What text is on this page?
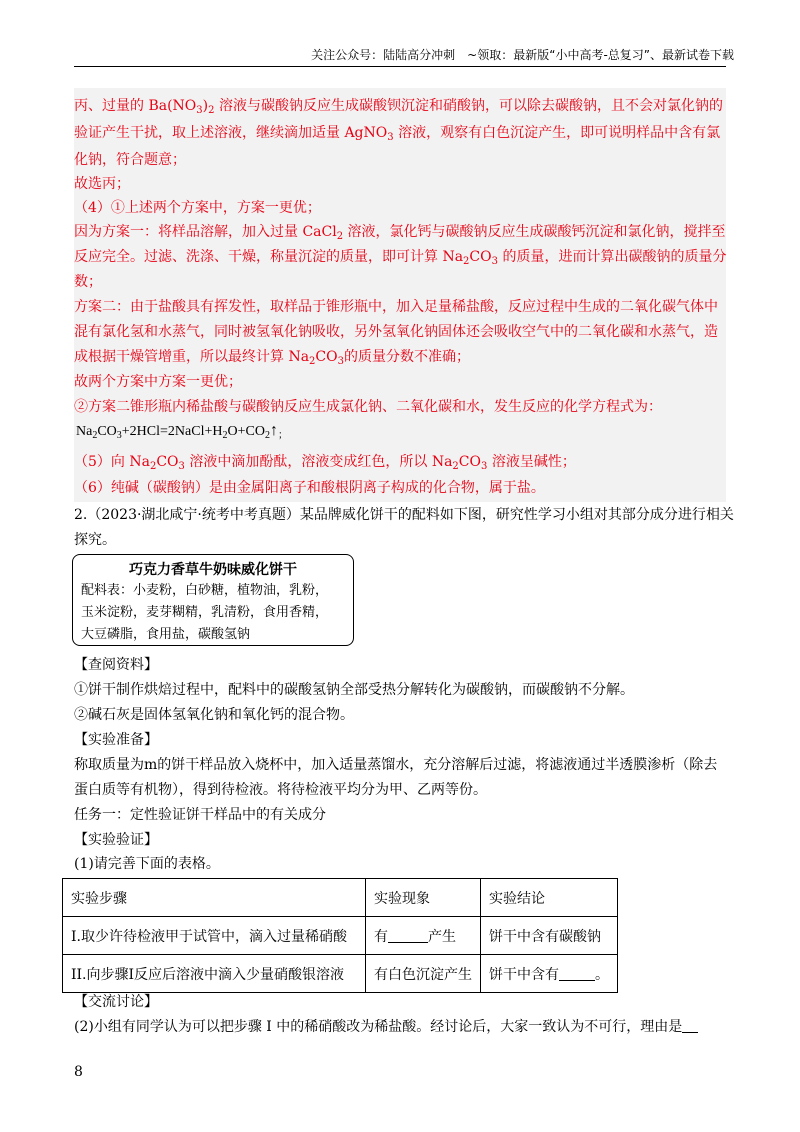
关注公众号：陆陆高分冲刺　~领取：最新版“小中高考-总复习”、最新试卷下载
丙、过量的 $Ba(NO_3)_2$ 溶液与碳酸钠反应生成碳酸钡沉淀和硝酸钠，可以除去碳酸钠，且不会对氯化钠的
验证产生干扰，取上述溶液，继续滴加适量 AgNO$_3$ 溶液，观察有白色沉淀产生，即可说明样品中含有氯
化钠，符合题意；
故选丙；
（4）①上述两个方案中，方案一更优；
因为方案一：将样品溶解，加入过量 CaCl$_2$ 溶液，氯化钙与碳酸钠反应生成碳酸钙沉淀和氯化钠，搅拌至
反应完全。过滤、洗涤、干燥，称量沉淀的质量，即可计算 $Na_2CO_3$ 的质量，进而计算出碳酸钠的质量分
数；
方案二：由于盐酸具有挥发性，取样品于锥形瓶中，加入足量稀盐酸，反应过程中生成的二氧化碳气体中
混有氯化氢和水蒸气，同时被氢氧化钠吸收，另外氢氧化钠固体还会吸收空气中的二氧化碳和水蒸气，造
成根据干燥管增重，所以最终计算 $Na_2CO_3$的质量分数不准确；
故两个方案中方案一更优；
②方案二锥形瓶内稀盐酸与碳酸钠反应生成氯化钠、二氧化碳和水，发生反应的化学方程式为：
$Na_2CO_3+2HCl=2NaCl+H_2O+CO_2↑_;$
（5）向 $Na_2CO_3$ 溶液中滴加酚酞，溶液变成红色，所以 $Na_2CO_3$ 溶液呈碱性；
（6）纯碱（碳酸钠）是由金属阳离子和酸根阴离子构成的化合物，属于盐。
2.（2023·湖北咸宁·统考中考真题）某品牌威化饼干的配料如下图，研究性学习小组对其部分成分进行相关
探究。
巧克力香草牛奶味威化饼干
配料表：小麦粉，白砂糖，植物油，乳粉，
玉米淀粉，麦芽糊精，乳清粉，食用香精，
大豆磷脂，食用盐，碳酸氢钠
【查阅资料】
①饼干制作烘焙过程中，配料中的碳酸氢钠全部受热分解转化为碳酸钠，而碳酸钠不分解。
②碱石灰是固体氢氧化钠和氧化钙的混合物。
【实验准备】
称取质量为m的饼干样品放入烧杯中，加入适量蒸馏水，充分溶解后过滤，将滤液通过半透膜渗析（除去
蛋白质等有机物），得到待检液。将待检液平均分为甲、乙两等份。
任务一：定性验证饼干样品中的有关成分
【实验验证】
(1)请完善下面的表格。
实验步骤	实验现象	实验结论
I.取少许待检液甲于试管中，滴入过量稀硝酸	有 产生	饼干中含有碳酸钠
II.向步骤I反应后溶液中滴入少量硝酸银溶液	有白色沉淀产生	饼干中含有 。
【交流讨论】
(2)小组有同学认为可以把步骤 I 中的稀硝酸改为稀盐酸。经讨论后，大家一致认为不可行，理由是
8
